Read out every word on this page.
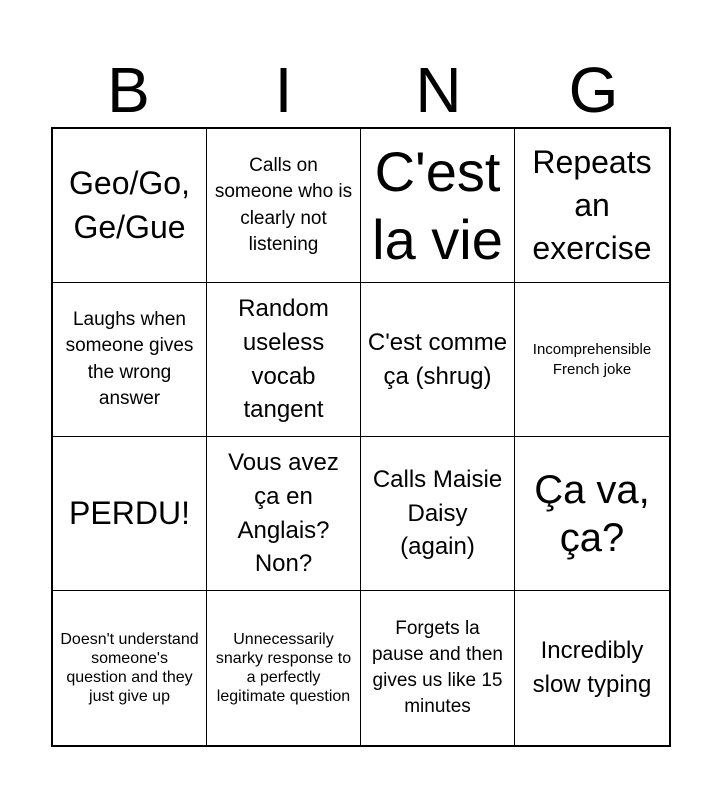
B	I	N	G
Geo/Go, Ge/Gue
Calls on someone who is clearly not listening
C'est la vie
Repeats an exercise
Laughs when someone gives the wrong answer
Random useless vocab tangent
C'est comme ça (shrug)
Incomprehensible French joke
PERDU!
Vous avez ça en Anglais? Non?
Calls Maisie Daisy (again)
Ça va, ça?
Doesn't understand someone's question and they just give up
Unnecessarily snarky response to a perfectly legitimate question
Forgets la pause and then gives us like 15 minutes
Incredibly slow typing
